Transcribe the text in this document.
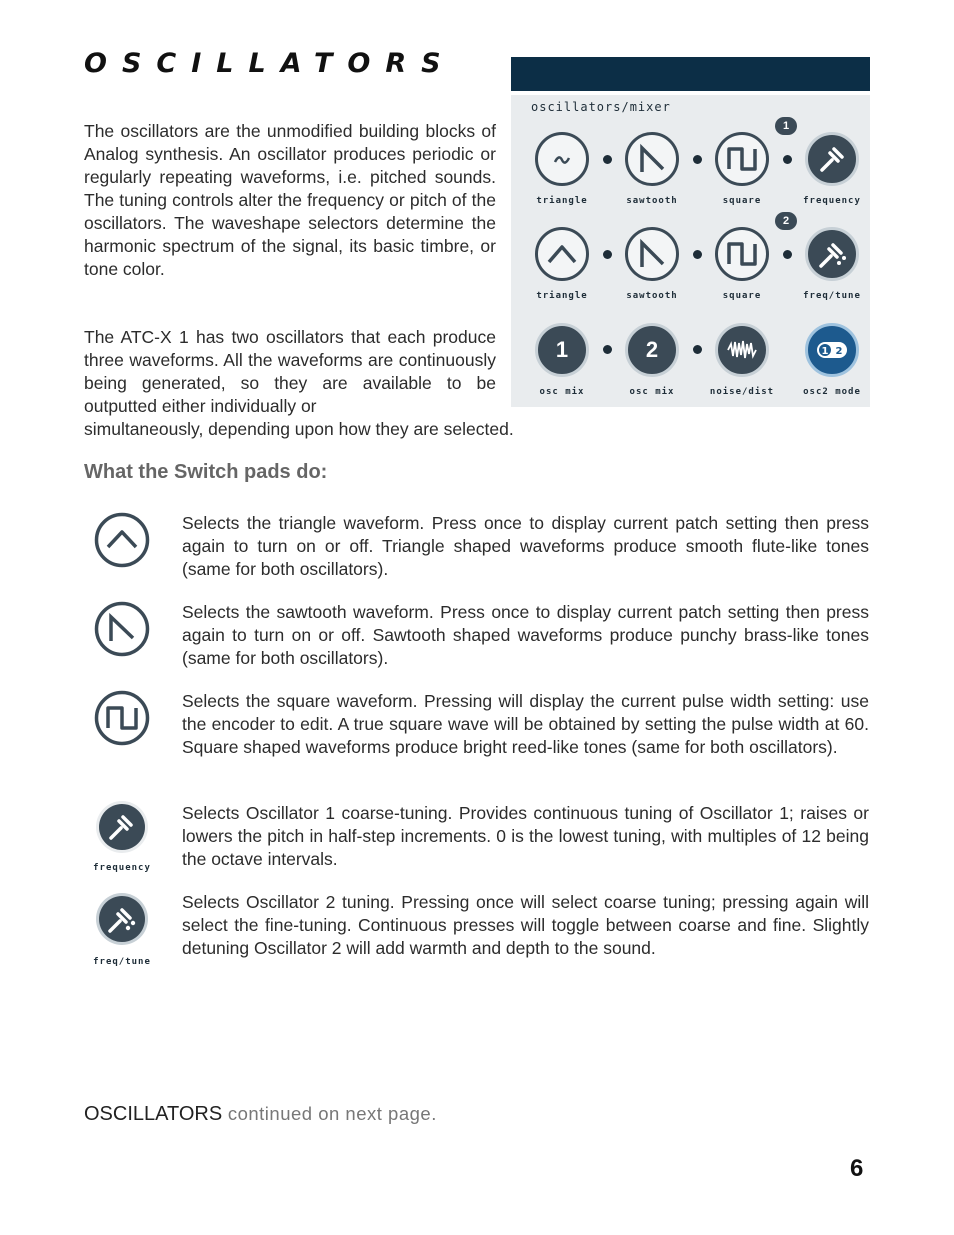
OSCILLATORS

The oscillators are the unmodified building blocks of Analog synthesis. An oscillator produces periodic or regularly repeating waveforms, i.e. pitched sounds. The tuning controls alter the frequency or pitch of the oscillators. The waveshape selectors determine the harmonic spectrum of the signal, its basic timbre, or tone color.

The ATC-X 1 has two oscillators that each produce three waveforms. All the waveforms are continuously being generated, so they are available to be outputted either individually or

simultaneously, depending upon how they are selected.

oscillators/mixer
1
triangle	sawtooth	square	frequency
2
triangle	sawtooth	square	freq/tune
1	2	1 2
osc mix	osc mix	noise/dist	osc2 mode
What the Switch pads do:

Selects the triangle waveform. Press once to display current patch setting then press again to turn on or off. Triangle shaped waveforms produce smooth flute-like tones (same for both oscillators).

Selects the sawtooth waveform. Press once to display current patch setting then press again to turn on or off. Sawtooth shaped waveforms produce punchy brass-like tones (same for both oscillators).

Selects the square waveform. Pressing will display the current pulse width setting: use the encoder to edit. A true square wave will be obtained by setting the pulse width at 60. Square shaped waveforms produce bright reed-like tones (same for both oscillators).

frequency

Selects Oscillator 1 coarse-tuning. Provides continuous tuning of Oscillator 1; raises or lowers the pitch in half-step increments. 0 is the lowest tuning, with multiples of 12 being the octave intervals.

freq/tune

Selects Oscillator 2 tuning. Pressing once will select coarse tuning; pressing again will select the fine-tuning. Continuous presses will toggle between coarse and fine. Slightly detuning Oscillator 2 will add warmth and depth to the sound.

OSCILLATORS continued on next page.

6
